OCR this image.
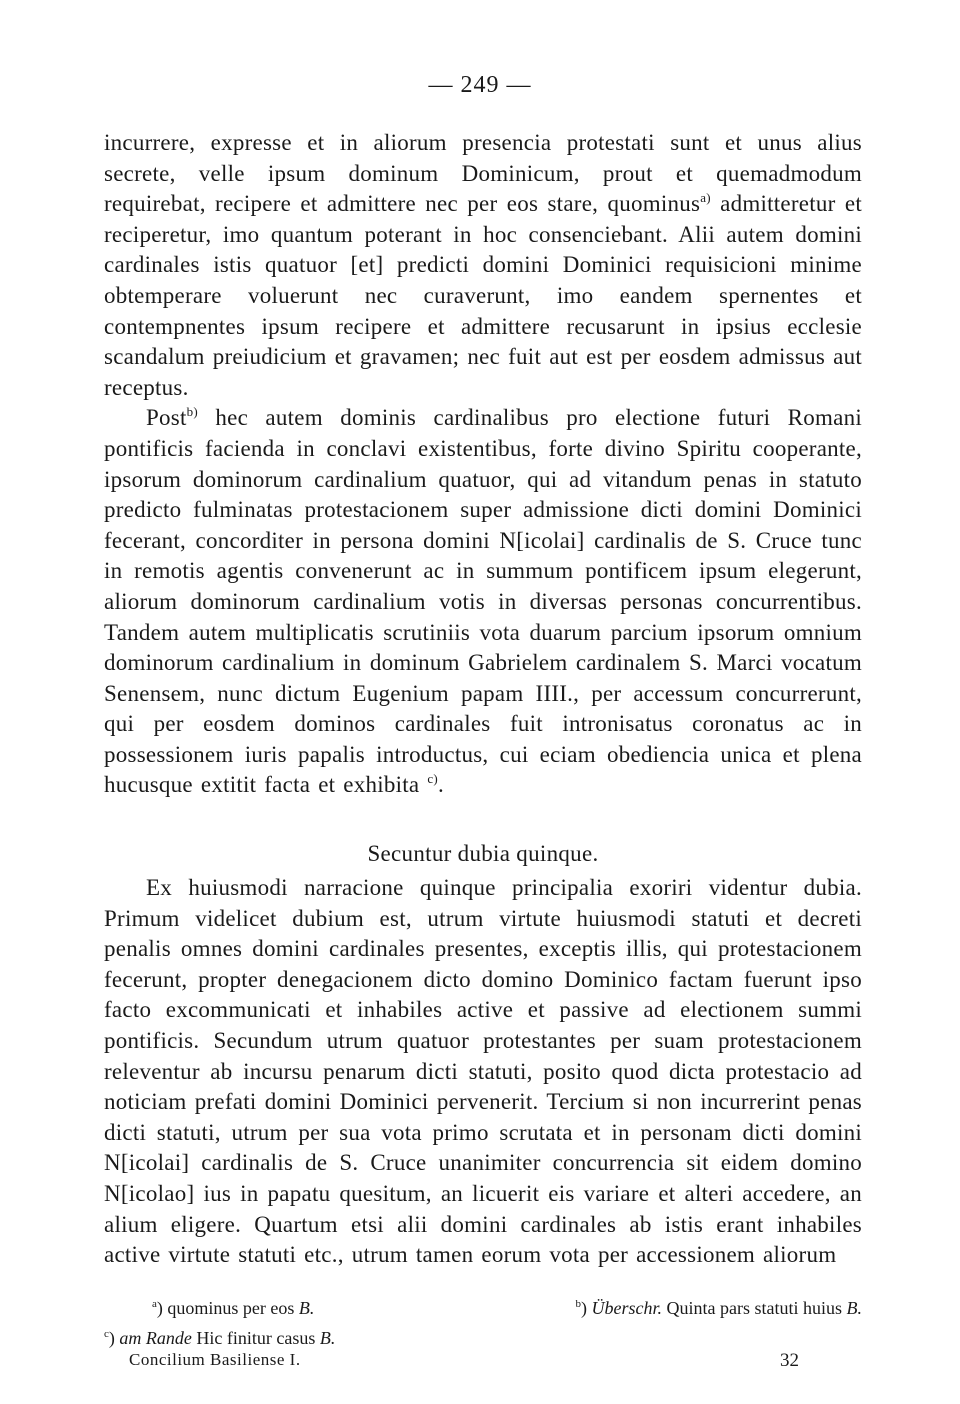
— 249 —

incurrere, expresse et in aliorum presencia protestati sunt et unus alius secrete, velle ipsum dominum Dominicum, prout et quemadmodum requirebat, recipere et admittere nec per eos stare, quominus$^{a)}$ admitteretur et reciperetur, imo quantum poterant in hoc consenciebant. Alii autem domini cardinales istis quatuor [et] predicti domini Dominici requisicioni minime obtemperare voluerunt nec curaverunt, imo eandem spernentes et contempnentes ipsum recipere et admittere recusarunt in ipsius ecclesie scandalum preiudicium et gravamen; nec fuit aut est per eosdem admissus aut receptus.

Post$^{b)}$ hec autem dominis cardinalibus pro electione futuri Romani pontificis facienda in conclavi existentibus, forte divino Spiritu cooperante, ipsorum dominorum cardinalium quatuor, qui ad vitandum penas in statuto predicto fulminatas protestacionem super admissione dicti domini Dominici fecerant, concorditer in persona domini N[icolai] cardinalis de S. Cruce tunc in remotis agentis convenerunt ac in summum pontificem ipsum elegerunt, aliorum dominorum cardinalium votis in diversas personas concurrentibus. Tandem autem multiplicatis scrutiniis vota duarum parcium ipsorum omnium dominorum cardinalium in dominum Gabrielem cardinalem S. Marci vocatum Senensem, nunc dictum Eugenium papam IIII., per accessum concurrerunt, qui per eosdem dominos cardinales fuit intronisatus coronatus ac in possessionem iuris papalis introductus, cui eciam obediencia unica et plena hucusque extitit facta et exhibita $^{c)}$.

Secuntur dubia quinque.

Ex huiusmodi narracione quinque principalia exoriri videntur dubia. Primum videlicet dubium est, utrum virtute huiusmodi statuti et decreti penalis omnes domini cardinales presentes, exceptis illis, qui protestacionem fecerunt, propter denegacionem dicto domino Dominico factam fuerunt ipso facto excommunicati et inhabiles active et passive ad electionem summi pontificis. Secundum utrum quatuor protestantes per suam protestacionem releventur ab incursu penarum dicti statuti, posito quod dicta protestacio ad noticiam prefati domini Dominici pervenerit. Tercium si non incurrerint penas dicti statuti, utrum per sua vota primo scrutata et in personam dicti domini N[icolai] cardinalis de S. Cruce unanimiter concurrencia sit eidem domino N[icolao] ius in papatu quesitum, an licuerit eis variare et alteri accedere, an alium eligere. Quartum etsi alii domini cardinales ab istis erant inhabiles active virtute statuti etc., utrum tamen eorum vota per accessionem aliorum

$^a$) quominus per eos B.	$^b$) Überschr. Quinta pars statuti huius B.
$^c$) am Rande Hic finitur casus B.
Concilium Basiliense I.	32
